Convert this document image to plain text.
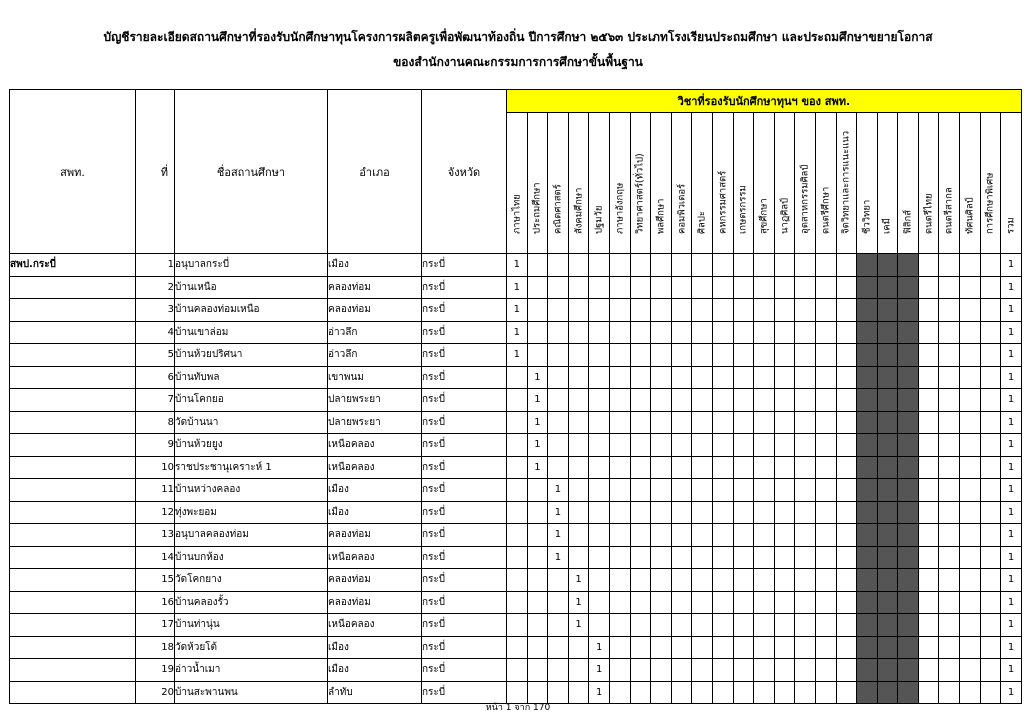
บัญชีรายละเอียดสถานศึกษาที่รองรับนักศึกษาทุนโครงการผลิตครูเพื่อพัฒนาท้องถิ่น ปีการศึกษา ๒๕๖๓ ประเภทโรงเรียนประถมศึกษา และประถมศึกษาขยายโอกาส
ของสำนักงานคณะกรรมการการศึกษาขั้นพื้นฐาน
สพท.	ที่	ชื่อสถานศึกษา	อำเภอ	จังหวัด	วิชาที่รองรับนักศึกษาทุนฯ ของ สพท.																								

					ภาษาไทย	ประถมศึกษา	คณิตศาสตร์	สังคมศึกษา	ปฐมวัย	ภาษาอังกฤษ	วิทยาศาสตร์(ทั่วไป)	พลศึกษา	คอมพิวเตอร์	ศิลปะ	คหกรรมศาสตร์	เกษตรกรรม	สุขศึกษา	นาฏศิลป์	อุตสาหกรรมศิลป์	ดนตรีศึกษา	จิตวิทยาและการแนะแนว	ชีววิทยา	เคมี	ฟิสิกส์	ดนตรีไทย	ดนตรีสากล	ทัศนศิลป์	การศึกษาพิเศษ	รวม

สพป.กระบี่	1	อนุบาลกระบี่	เมือง	กระบี่	1																								1
	2	บ้านเหนือ	คลองท่อม	กระบี่	1																								1
	3	บ้านคลองท่อมเหนือ	คลองท่อม	กระบี่	1																								1
	4	บ้านเขาล่อม	อ่าวลึก	กระบี่	1																								1
	5	บ้านห้วยปริศนา	อ่าวลึก	กระบี่	1																								1
	6	บ้านทับพล	เขาพนม	กระบี่		1																							1
	7	บ้านโคกยอ	ปลายพระยา	กระบี่		1																							1
	8	วัดบ้านนา	ปลายพระยา	กระบี่		1																							1
	9	บ้านห้วยยูง	เหนือคลอง	กระบี่		1																							1
	10	ราชประชานุเคราะห์ 1	เหนือคลอง	กระบี่		1																							1
	11	บ้านหว่างคลอง	เมือง	กระบี่			1																						1
	12	ทุ่งพะยอม	เมือง	กระบี่			1																						1
	13	อนุบาลคลองท่อม	คลองท่อม	กระบี่			1																						1
	14	บ้านบกห้อง	เหนือคลอง	กระบี่			1																						1
	15	วัดโคกยาง	คลองท่อม	กระบี่				1																					1
	16	บ้านคลองรั้ว	คลองท่อม	กระบี่				1																					1
	17	บ้านท่านุ่น	เหนือคลอง	กระบี่				1																					1
	18	วัดห้วยโต้	เมือง	กระบี่					1																				1
	19	อ่าวน้ำเมา	เมือง	กระบี่					1																				1
	20	บ้านสะพานพน	ลำทับ	กระบี่					1																				1
หน้า 1 จาก 170
